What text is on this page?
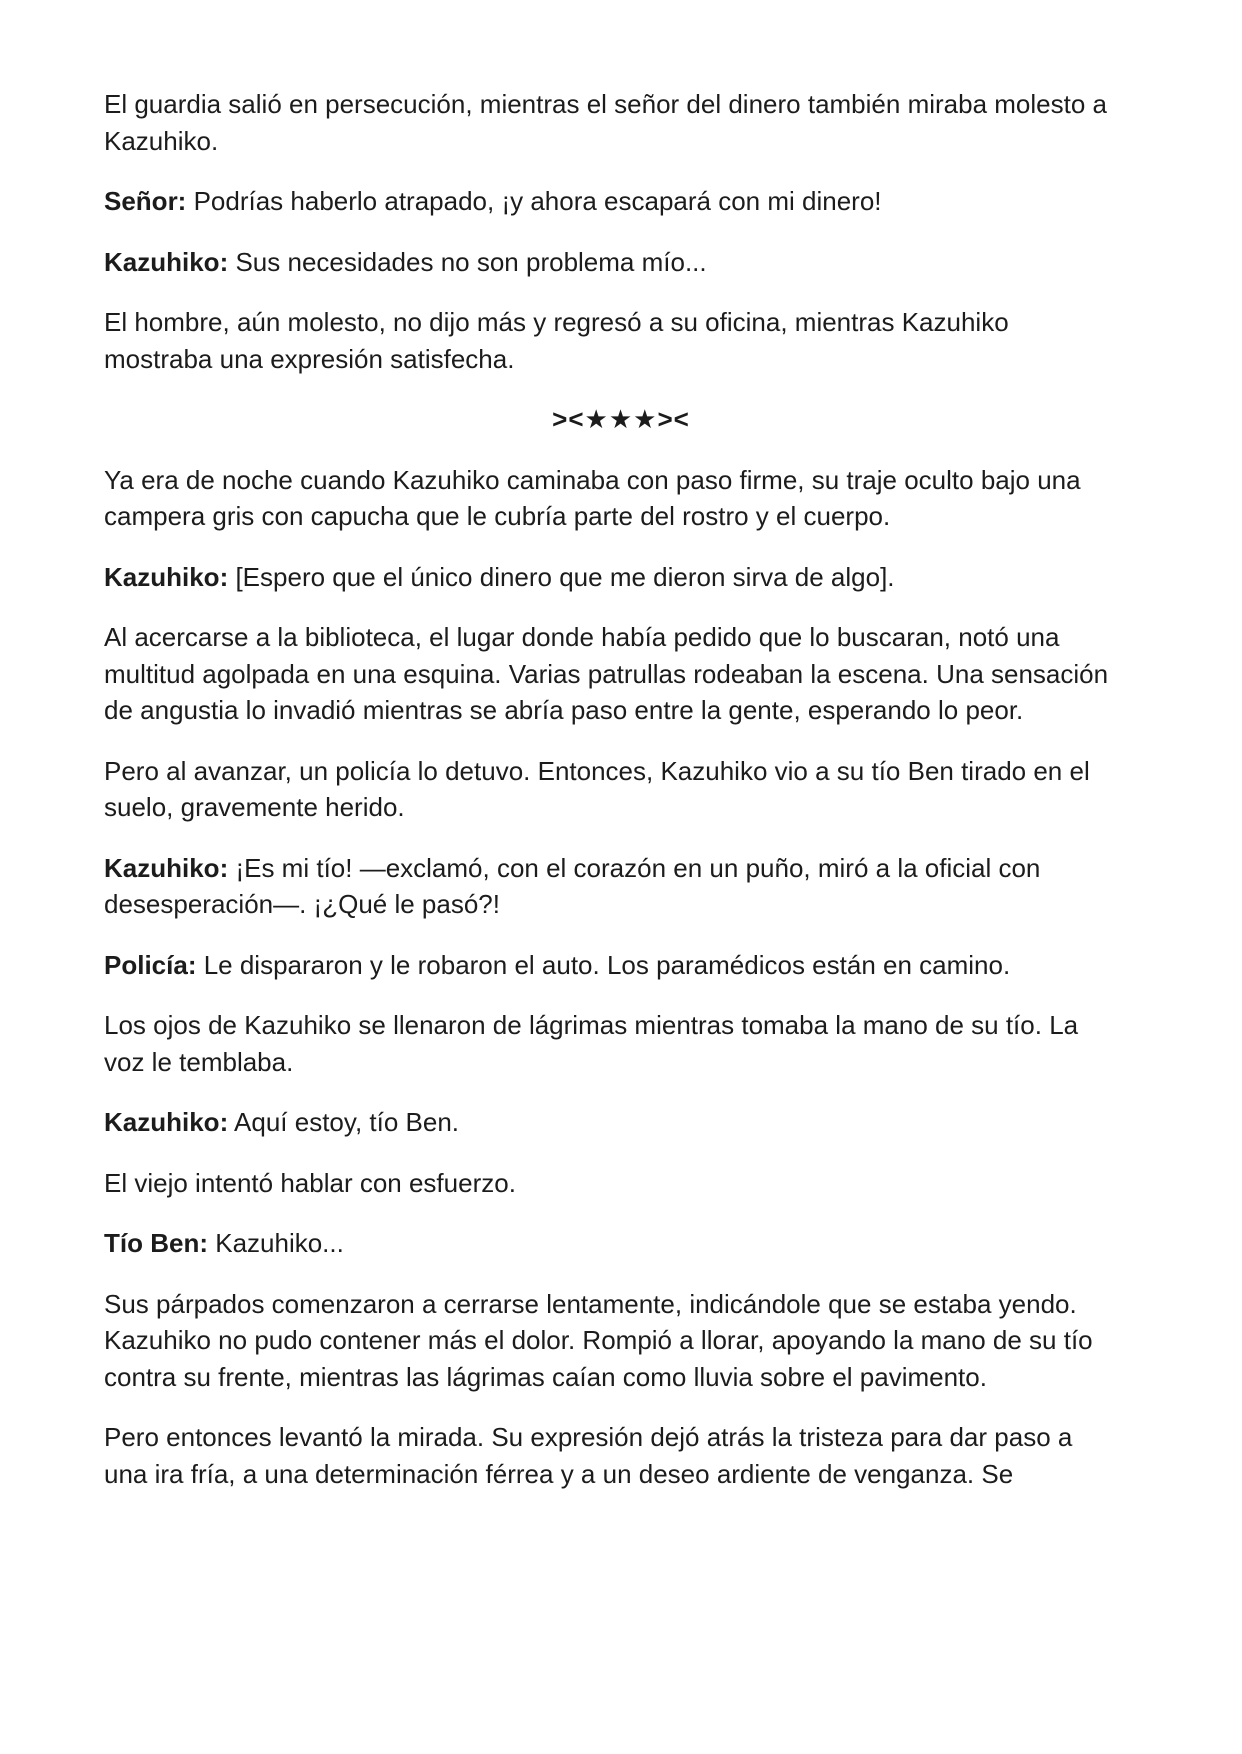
El guardia salió en persecución, mientras el señor del dinero también miraba molesto a Kazuhiko.

Señor: Podrías haberlo atrapado, ¡y ahora escapará con mi dinero!

Kazuhiko: Sus necesidades no son problema mío...

El hombre, aún molesto, no dijo más y regresó a su oficina, mientras Kazuhiko mostraba una expresión satisfecha.

><★★★><

Ya era de noche cuando Kazuhiko caminaba con paso firme, su traje oculto bajo una campera gris con capucha que le cubría parte del rostro y el cuerpo.

Kazuhiko: [Espero que el único dinero que me dieron sirva de algo].

Al acercarse a la biblioteca, el lugar donde había pedido que lo buscaran, notó una multitud agolpada en una esquina. Varias patrullas rodeaban la escena. Una sensación de angustia lo invadió mientras se abría paso entre la gente, esperando lo peor.

Pero al avanzar, un policía lo detuvo. Entonces, Kazuhiko vio a su tío Ben tirado en el suelo, gravemente herido.

Kazuhiko: ¡Es mi tío! —exclamó, con el corazón en un puño, miró a la oficial con desesperación—. ¡¿Qué le pasó?!

Policía: Le dispararon y le robaron el auto. Los paramédicos están en camino.

Los ojos de Kazuhiko se llenaron de lágrimas mientras tomaba la mano de su tío. La voz le temblaba.

Kazuhiko: Aquí estoy, tío Ben.

El viejo intentó hablar con esfuerzo.

Tío Ben: Kazuhiko...

Sus párpados comenzaron a cerrarse lentamente, indicándole que se estaba yendo. Kazuhiko no pudo contener más el dolor. Rompió a llorar, apoyando la mano de su tío contra su frente, mientras las lágrimas caían como lluvia sobre el pavimento.

Pero entonces levantó la mirada. Su expresión dejó atrás la tristeza para dar paso a una ira fría, a una determinación férrea y a un deseo ardiente de venganza. Se
